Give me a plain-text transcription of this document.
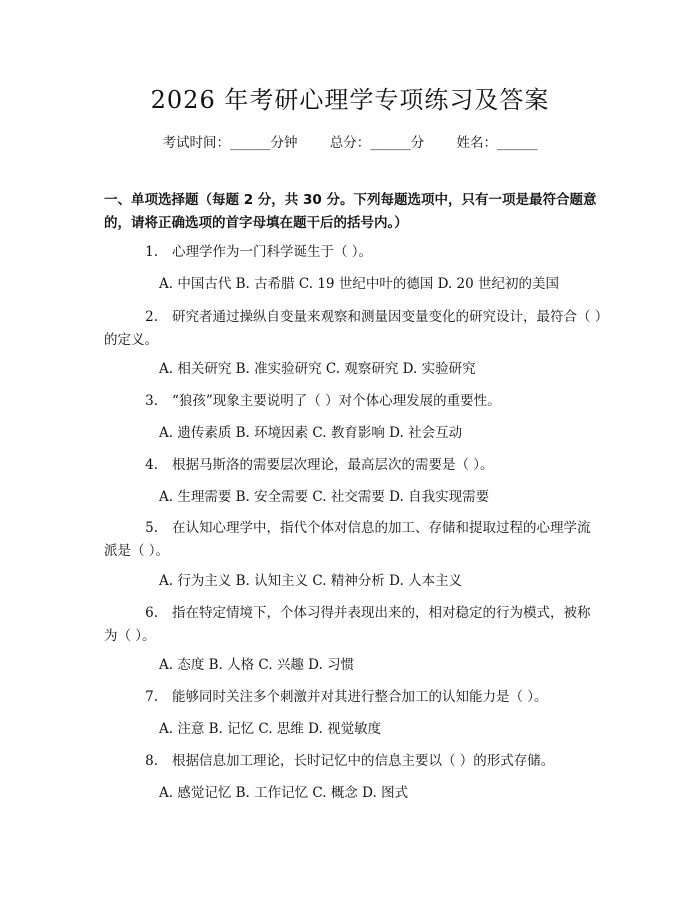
2026 年考研心理学专项练习及答案
考试时间：______分钟 总分：______分 姓名：______
一、单项选择题（每题 2 分，共 30 分。下列每题选项中，只有一项是最符合题意的，请将正确选项的首字母填在题干后的括号内。）
1. 心理学作为一门科学诞生于（ ）。
A. 中国古代 B. 古希腊 C. 19 世纪中叶的德国 D. 20 世纪初的美国
2. 研究者通过操纵自变量来观察和测量因变量变化的研究设计，最符合（ ）的定义。
A. 相关研究 B. 准实验研究 C. 观察研究 D. 实验研究
3. “狼孩”现象主要说明了（ ）对个体心理发展的重要性。
A. 遗传素质 B. 环境因素 C. 教育影响 D. 社会互动
4. 根据马斯洛的需要层次理论，最高层次的需要是（ ）。
A. 生理需要 B. 安全需要 C. 社交需要 D. 自我实现需要
5. 在认知心理学中，指代个体对信息的加工、存储和提取过程的心理学流派是（ ）。
A. 行为主义 B. 认知主义 C. 精神分析 D. 人本主义
6. 指在特定情境下，个体习得并表现出来的，相对稳定的行为模式，被称为（ ）。
A. 态度 B. 人格 C. 兴趣 D. 习惯
7. 能够同时关注多个刺激并对其进行整合加工的认知能力是（ ）。
A. 注意 B. 记忆 C. 思维 D. 视觉敏度
8. 根据信息加工理论，长时记忆中的信息主要以（ ）的形式存储。
A. 感觉记忆 B. 工作记忆 C. 概念 D. 图式
